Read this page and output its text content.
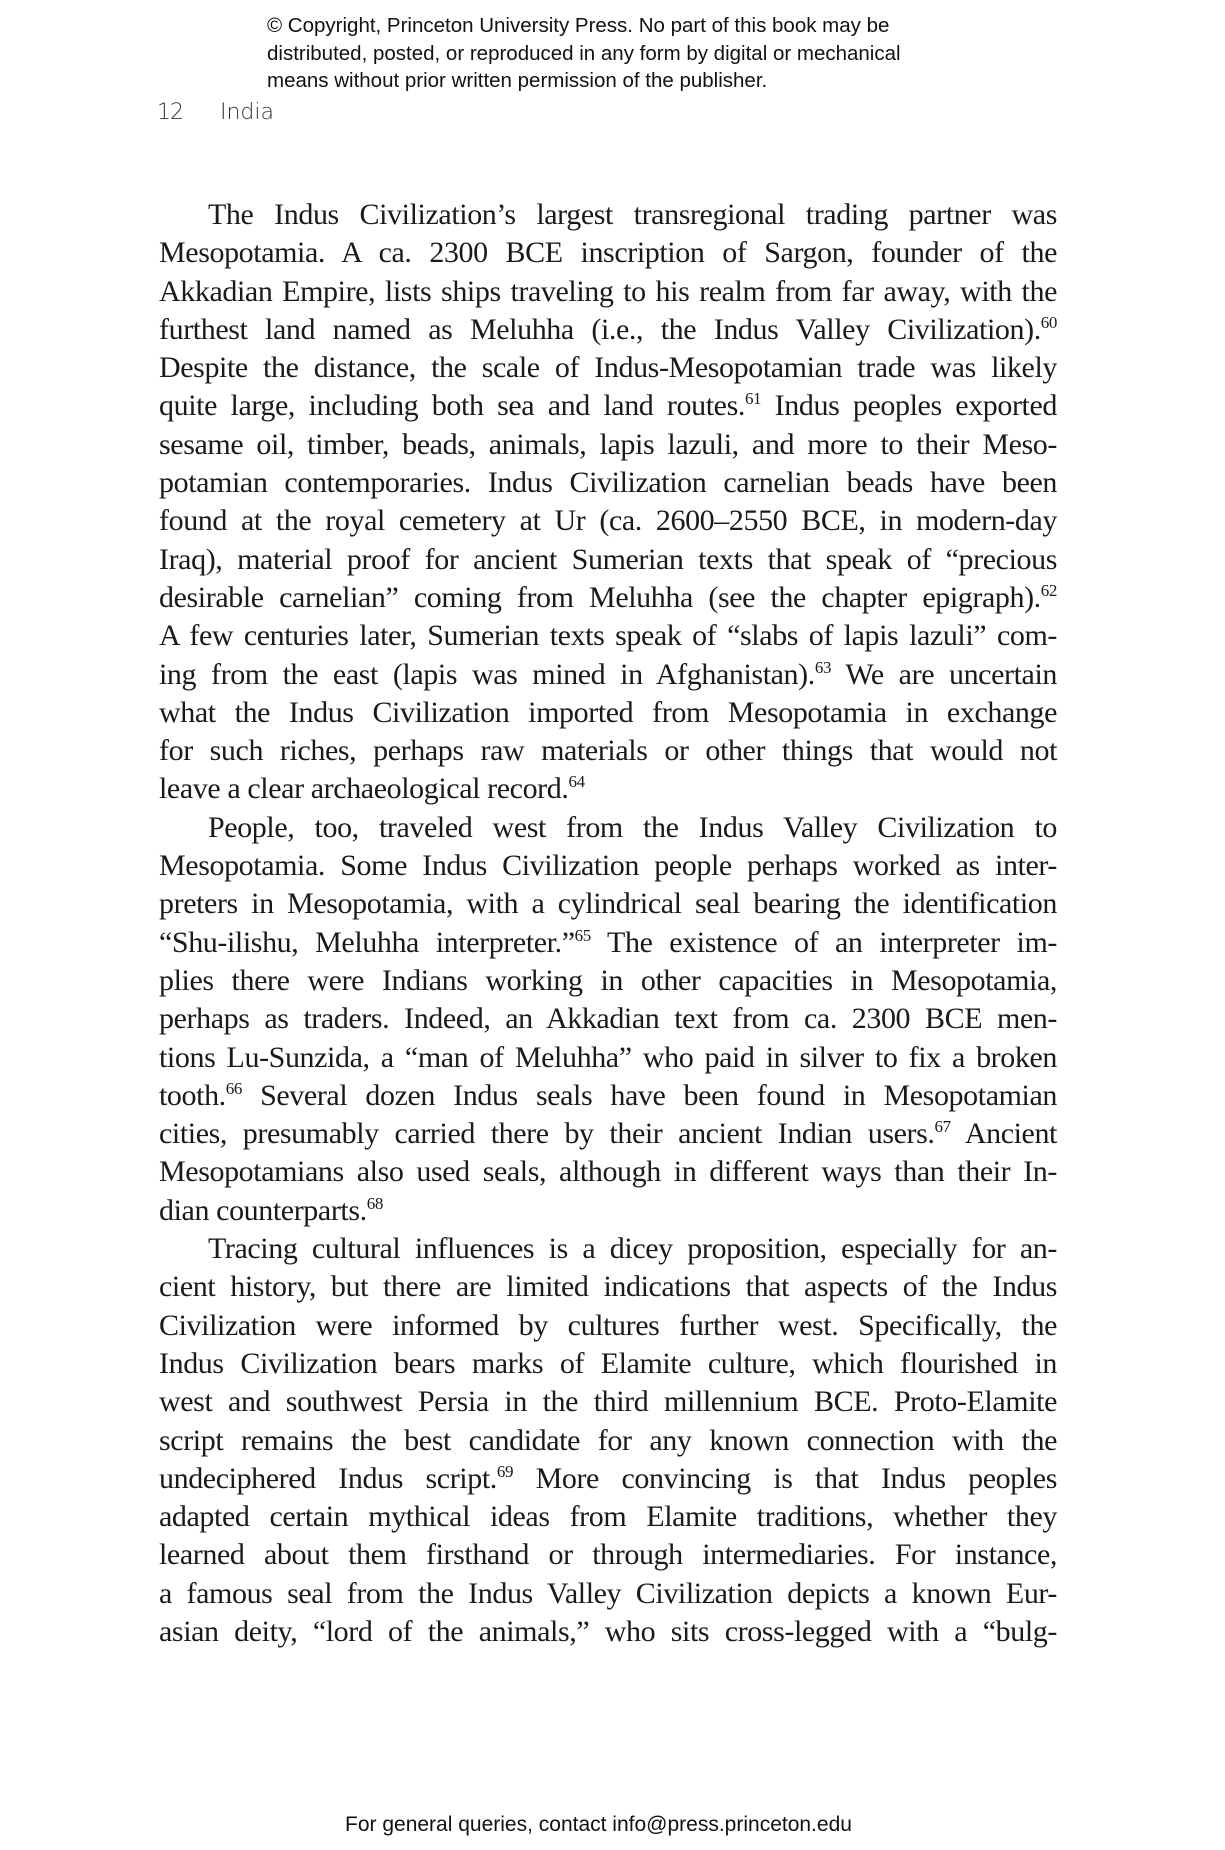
© Copyright, Princeton University Press. No part of this book may be
distributed, posted, or reproduced in any form by digital or mechanical
means without prior written permission of the publisher.
12 India
The Indus Civilization’s largest transregional trading partner was
Mesopotamia. A ca. 2300 BCE inscription of Sargon, founder of the
Akkadian Empire, lists ships traveling to his realm from far away, with the
furthest land named as Meluhha (i.e., the Indus Valley Civilization).$^{60}$
Despite the distance, the scale of Indus-Mesopotamian trade was likely
quite large, including both sea and land routes.$^{61}$ Indus peoples exported
sesame oil, timber, beads, animals, lapis lazuli, and more to their Meso-
potamian contemporaries. Indus Civilization carnelian beads have been
found at the royal cemetery at Ur (ca. 2600–2550 BCE, in modern-day
Iraq), material proof for ancient Sumerian texts that speak of “precious
desirable carnelian” coming from Meluhha (see the chapter epigraph).$^{62}$
A few centuries later, Sumerian texts speak of “slabs of lapis lazuli” com-
ing from the east (lapis was mined in Afghanistan).$^{63}$ We are uncertain
what the Indus Civilization imported from Mesopotamia in exchange
for such riches, perhaps raw materials or other things that would not
leave a clear archaeological record.$^{64}$
People, too, traveled west from the Indus Valley Civilization to
Mesopotamia. Some Indus Civilization people perhaps worked as inter-
preters in Mesopotamia, with a cylindrical seal bearing the identification
“Shu-ilishu, Meluhha interpreter.”$^{65}$ The existence of an interpreter im-
plies there were Indians working in other capacities in Mesopotamia,
perhaps as traders. Indeed, an Akkadian text from ca. 2300 BCE men-
tions Lu-Sunzida, a “man of Meluhha” who paid in silver to fix a broken
tooth.$^{66}$ Several dozen Indus seals have been found in Mesopotamian
cities, presumably carried there by their ancient Indian users.$^{67}$ Ancient
Mesopotamians also used seals, although in different ways than their In-
dian counterparts.$^{68}$
Tracing cultural influences is a dicey proposition, especially for an-
cient history, but there are limited indications that aspects of the Indus
Civilization were informed by cultures further west. Specifically, the
Indus Civilization bears marks of Elamite culture, which flourished in
west and southwest Persia in the third millennium BCE. Proto-Elamite
script remains the best candidate for any known connection with the
undeciphered Indus script.$^{69}$ More convincing is that Indus peoples
adapted certain mythical ideas from Elamite traditions, whether they
learned about them firsthand or through intermediaries. For instance,
a famous seal from the Indus Valley Civilization depicts a known Eur-
asian deity, “lord of the animals,” who sits cross-legged with a “bulg-
For general queries, contact info@press.princeton.edu
